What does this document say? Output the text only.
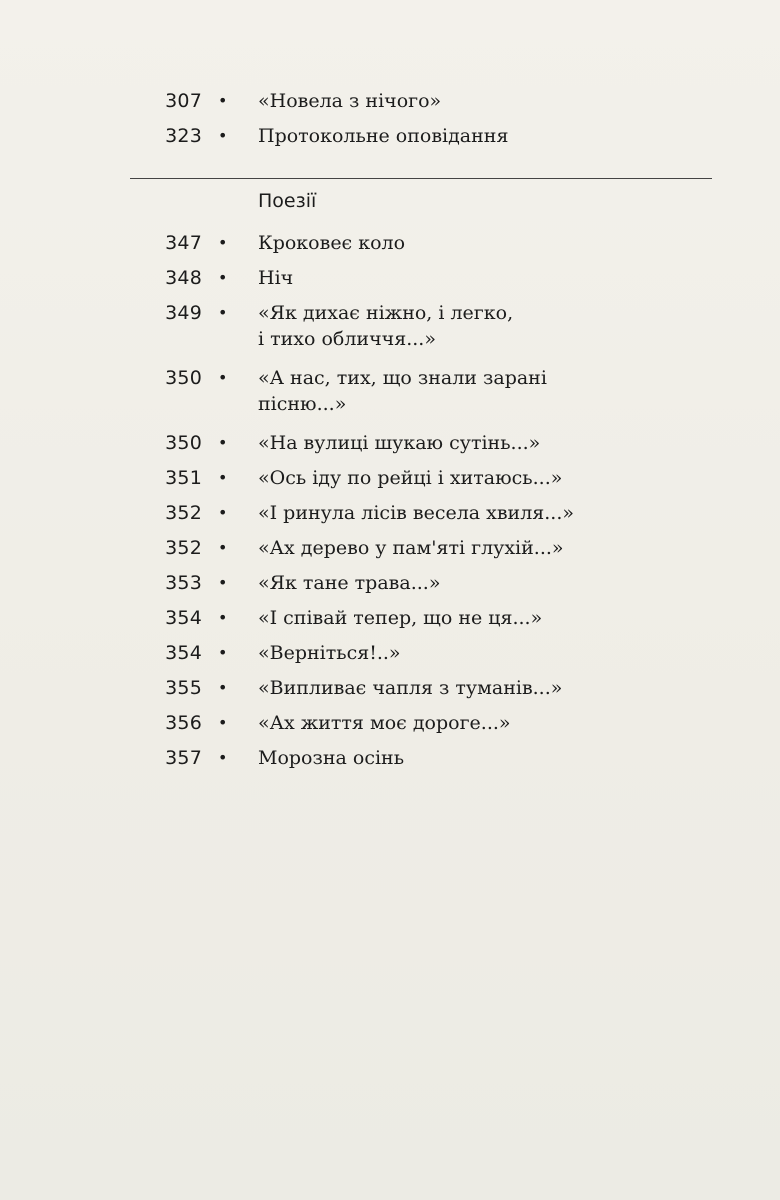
307 • «Новела з нічого»
323 • Протокольне оповідання
Поезії
347 • Кроковеє коло
348 • Ніч
349 • «Як дихає ніжно, і легко,
і тихо обличчя...»
350 • «А нас, тих, що знали зарані
пісню...»
350 • «На вулиці шукаю сутінь...»
351 • «Ось іду по рейці і хитаюсь...»
352 • «І ринула лісів весела хвиля...»
352 • «Ах дерево у пам'яті глухій...»
353 • «Як тане трава...»
354 • «І співай тепер, що не ця...»
354 • «Верніться!..»
355 • «Випливає чапля з туманів...»
356 • «Ах життя моє дороге...»
357 • Морозна осінь
